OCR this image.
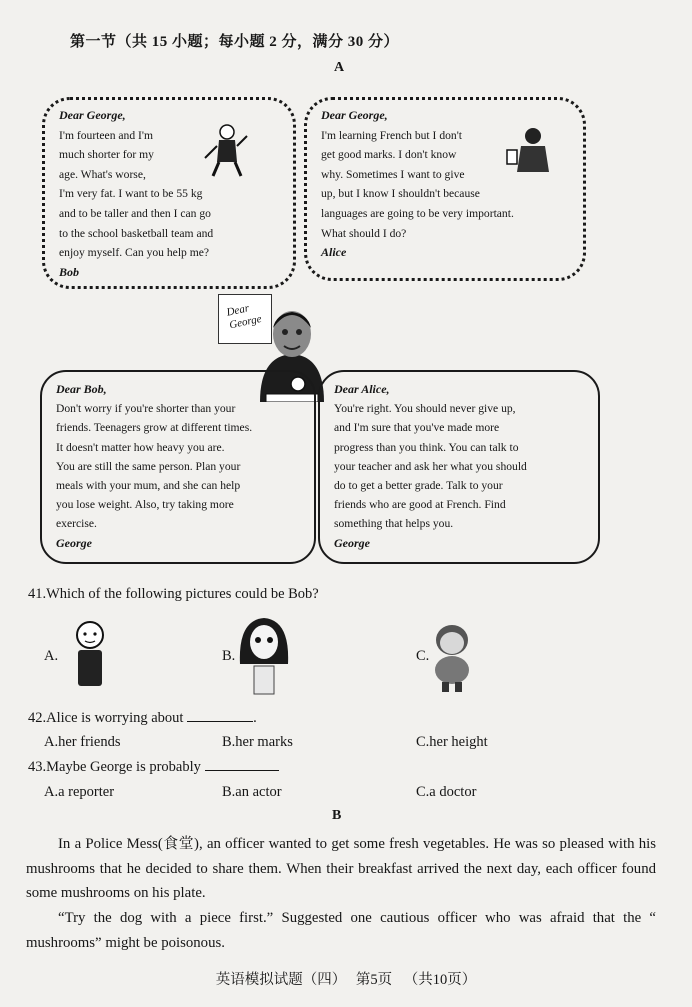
第一节（共 15 小题；每小题 2 分，满分 30 分）
A
Dear George,
I'm fourteen and I'm
much shorter for my
age. What's worse,
I'm very fat. I want to be 55 kg
and to be taller and then I can go
to the school basketball team and
enjoy myself. Can you help me?
Bob
Dear George,
I'm learning French but I don't
get good marks. I don't know
why. Sometimes I want to give
up, but I know I shouldn't because
languages are going to be very important.
What should I do?
Alice
Dear George
Dear Bob,
Don't worry if you're shorter than your
friends. Teenagers grow at different times.
It doesn't matter how heavy you are.
You are still the same person. Plan your
meals with your mum, and she can help
you lose weight. Also, try taking more
exercise.
George
Dear Alice,
You're right. You should never give up,
and I'm sure that you've made more
progress than you think. You can talk to
your teacher and ask her what you should
do to get a better grade. Talk to your
friends who are good at French. Find
something that helps you.
George
41.Which of the following pictures could be Bob?
A.	B.	C.
42.Alice is worrying about	.
A.her friends	B.her marks	C.her height
43.Maybe George is probably
A.a reporter	B.an actor	C.a doctor
B
In a Police Mess(食堂), an officer wanted to get some fresh vegetables. He was so pleased with his mushrooms that he decided to share them. When their breakfast arrived the next day, each officer found some mushrooms on his plate.
“Try the dog with a piece first.” Suggested one cautious officer who was afraid that the “ mushrooms” might be poisonous.
英语模拟试题（四） 第5页 （共10页）
